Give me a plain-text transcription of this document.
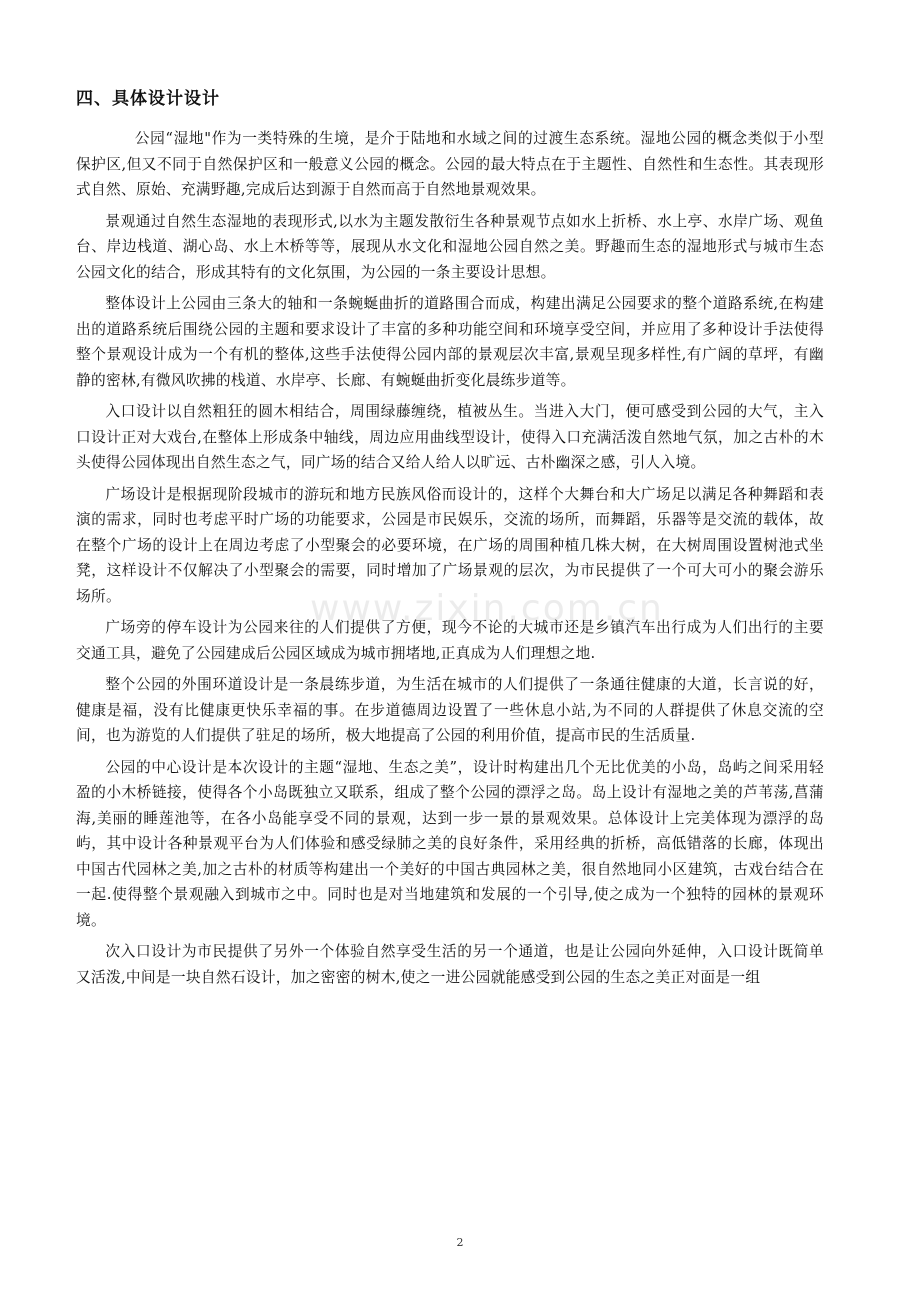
四、具体设计设计

公园“湿地"作为一类特殊的生境，是介于陆地和水域之间的过渡生态系统。湿地公园的概念类似于小型保护区,但又不同于自然保护区和一般意义公园的概念。公园的最大特点在于主题性、自然性和生态性。其表现形式自然、原始、充满野趣,完成后达到源于自然而高于自然地景观效果。

景观通过自然生态湿地的表现形式,以水为主题发散衍生各种景观节点如水上折桥、水上亭、水岸广场、观鱼台、岸边栈道、湖心岛、水上木桥等等，展现从水文化和湿地公园自然之美。野趣而生态的湿地形式与城市生态公园文化的结合，形成其特有的文化氛围，为公园的一条主要设计思想。

整体设计上公园由三条大的轴和一条蜿蜒曲折的道路围合而成，构建出满足公园要求的整个道路系统,在构建出的道路系统后围绕公园的主题和要求设计了丰富的多种功能空间和环境享受空间，并应用了多种设计手法使得整个景观设计成为一个有机的整体,这些手法使得公园内部的景观层次丰富,景观呈现多样性,有广阔的草坪，有幽静的密林,有微风吹拂的栈道、水岸亭、长廊、有蜿蜒曲折变化晨练步道等。

入口设计以自然粗狂的圆木相结合，周围绿藤缠绕，植被丛生。当进入大门，便可感受到公园的大气，主入口设计正对大戏台,在整体上形成条中轴线，周边应用曲线型设计，使得入口充满活泼自然地气氛，加之古朴的木头使得公园体现出自然生态之气，同广场的结合又给人给人以旷远、古朴幽深之感，引人入境。

广场设计是根据现阶段城市的游玩和地方民族风俗而设计的，这样个大舞台和大广场足以满足各种舞蹈和表演的需求，同时也考虑平时广场的功能要求，公园是市民娱乐，交流的场所，而舞蹈，乐器等是交流的载体，故在整个广场的设计上在周边考虑了小型聚会的必要环境，在广场的周围种植几株大树，在大树周围设置树池式坐凳，这样设计不仅解决了小型聚会的需要，同时增加了广场景观的层次，为市民提供了一个可大可小的聚会游乐场所。

广场旁的停车设计为公园来往的人们提供了方便，现今不论的大城市还是乡镇汽车出行成为人们出行的主要交通工具，避免了公园建成后公园区域成为城市拥堵地,正真成为人们理想之地.

整个公园的外围环道设计是一条晨练步道，为生活在城市的人们提供了一条通往健康的大道，长言说的好，健康是福，没有比健康更快乐幸福的事。在步道德周边设置了一些休息小站,为不同的人群提供了休息交流的空间，也为游览的人们提供了驻足的场所，极大地提高了公园的利用价值，提高市民的生活质量.

公园的中心设计是本次设计的主题“湿地、生态之美”，设计时构建出几个无比优美的小岛，岛屿之间采用轻盈的小木桥链接，使得各个小岛既独立又联系，组成了整个公园的漂浮之岛。岛上设计有湿地之美的芦苇荡,菖蒲海,美丽的睡莲池等，在各小岛能享受不同的景观，达到一步一景的景观效果。总体设计上完美体现为漂浮的岛屿，其中设计各种景观平台为人们体验和感受绿肺之美的良好条件，采用经典的折桥，高低错落的长廊，体现出中国古代园林之美,加之古朴的材质等构建出一个美好的中国古典园林之美，很自然地同小区建筑，古戏台结合在一起.使得整个景观融入到城市之中。同时也是对当地建筑和发展的一个引导,使之成为一个独特的园林的景观环境。

次入口设计为市民提供了另外一个体验自然享受生活的另一个通道，也是让公园向外延伸，入口设计既简单又活泼,中间是一块自然石设计，加之密密的树木,使之一进公园就能感受到公园的生态之美正对面是一组

www.zixin.com.cn
2
